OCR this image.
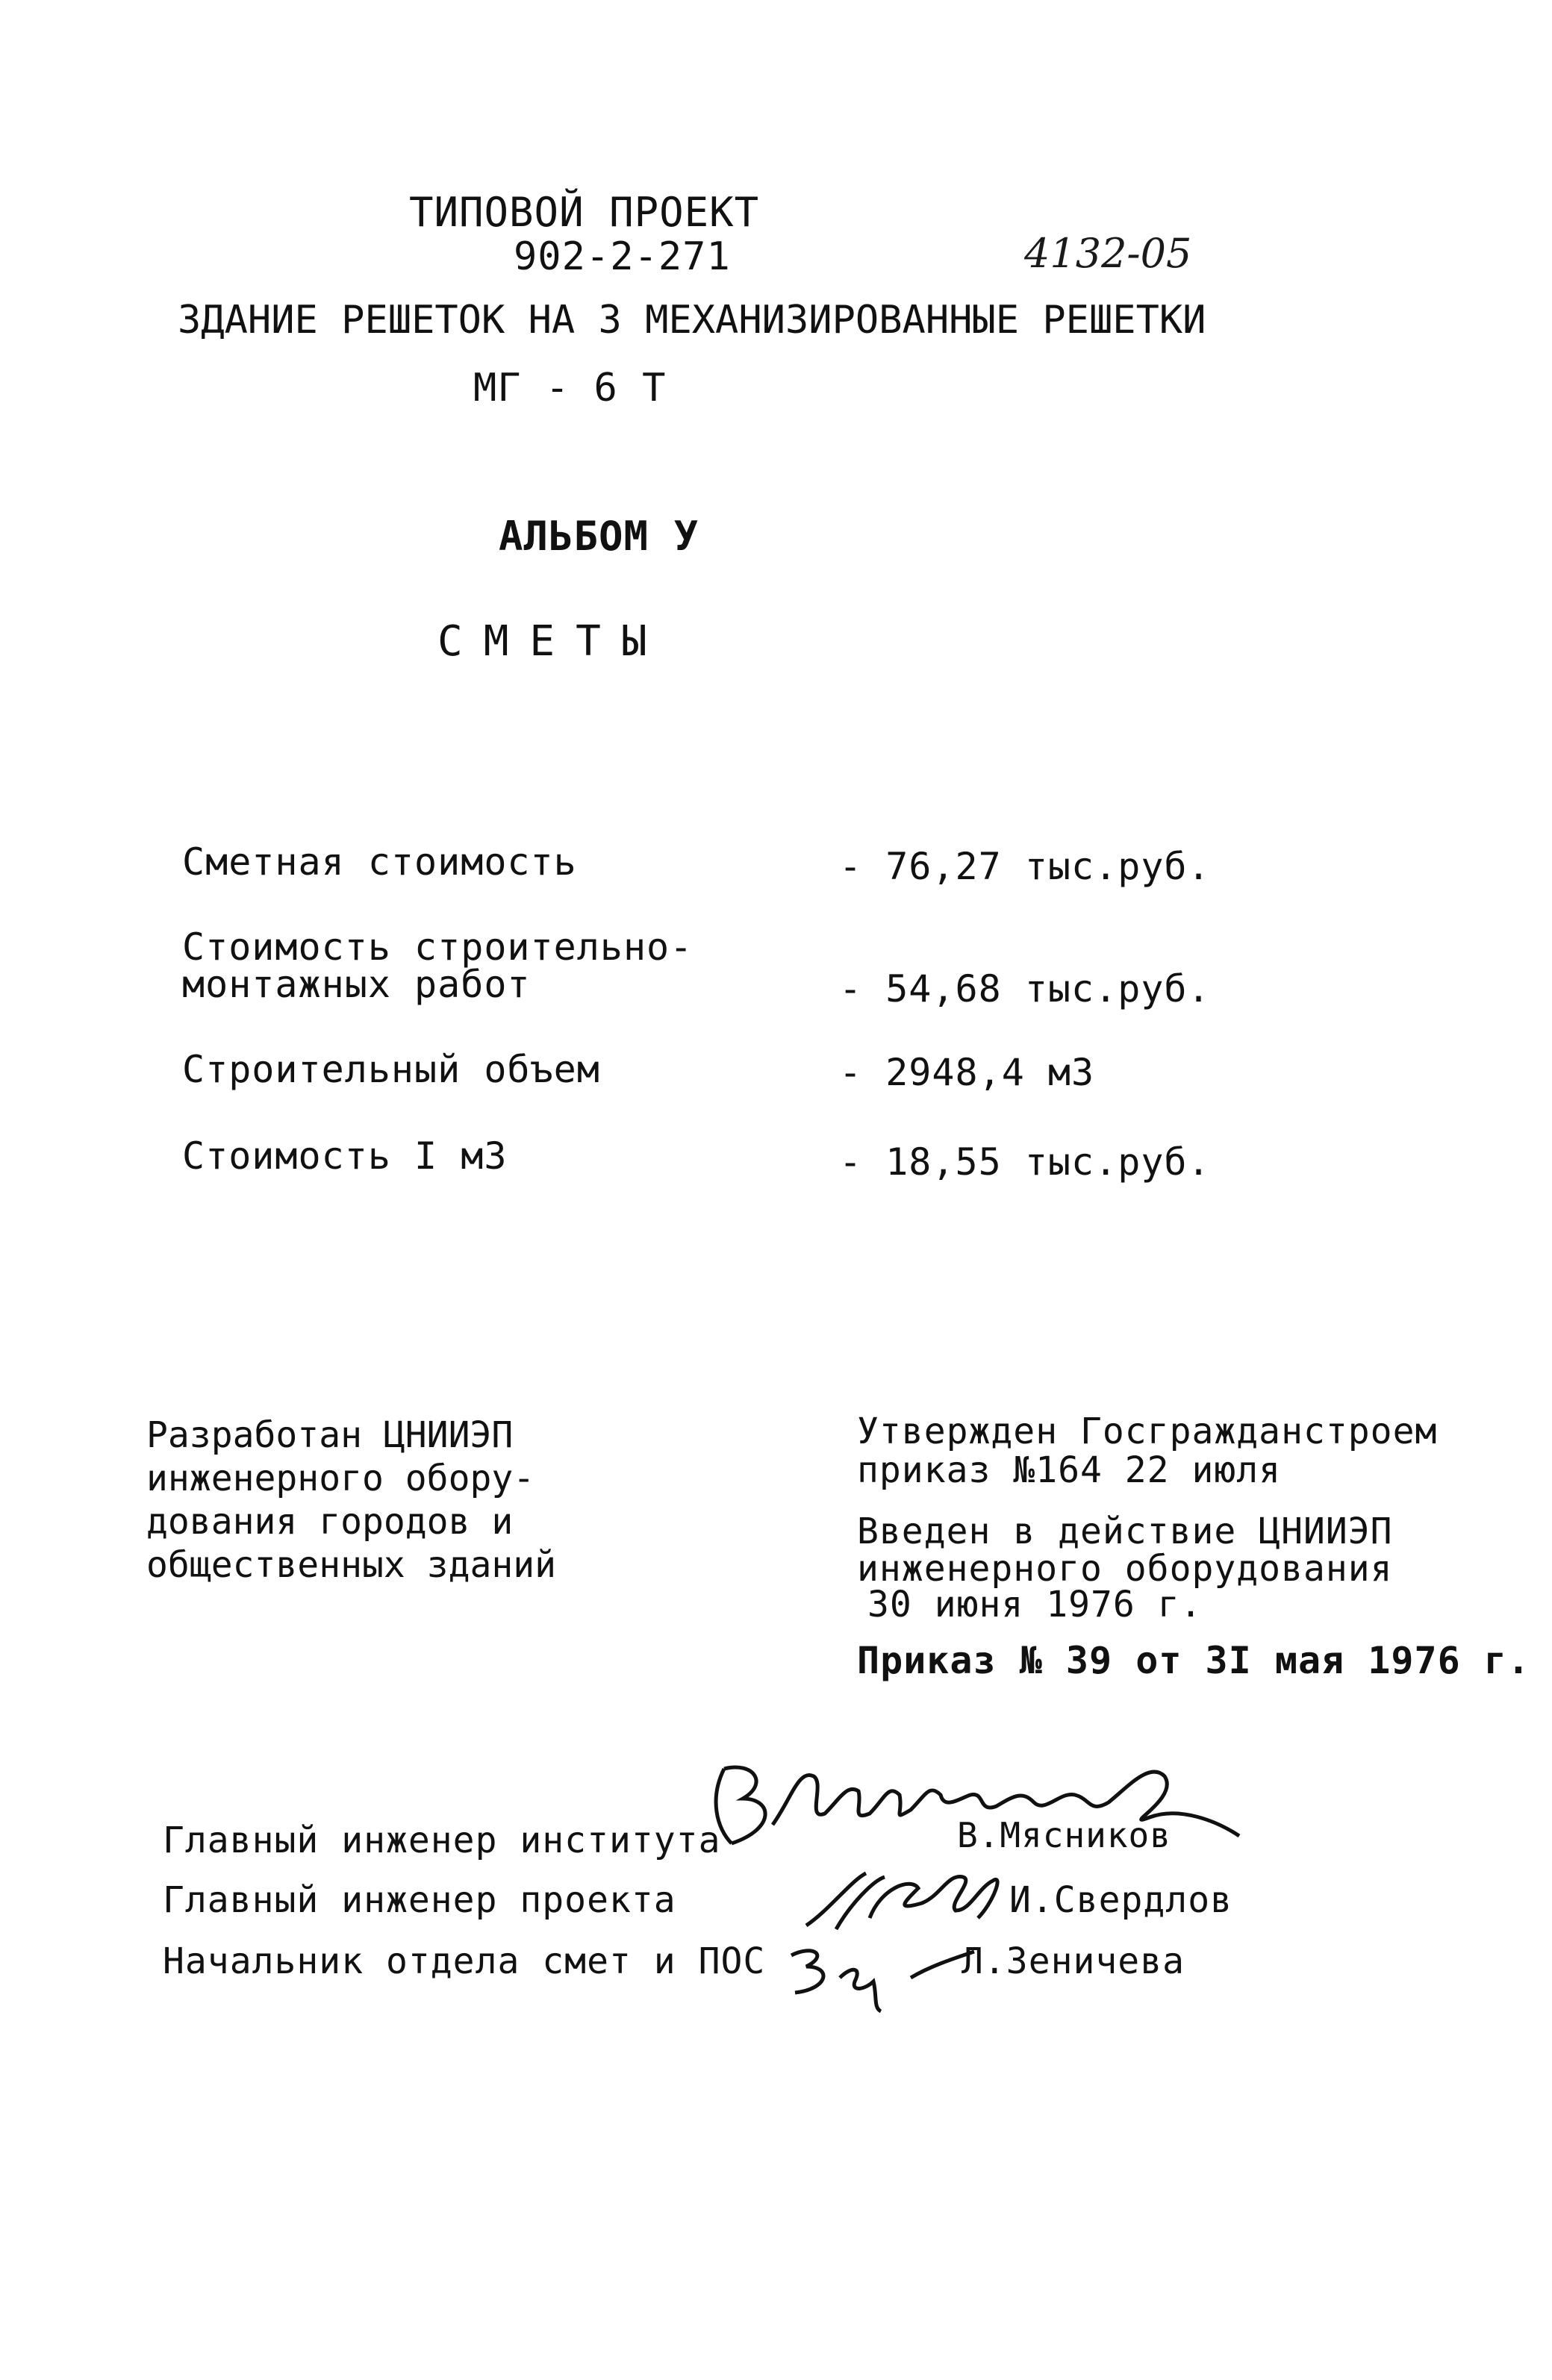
ТИПОВОЙ ПРОЕКТ
902-2-271	4132-05
ЗДАНИЕ РЕШЕТОК НА 3 МЕХАНИЗИРОВАННЫЕ РЕШЕТКИ
МГ - 6 Т
АЛЬБОМ У
СМЕТЫ
Сметная стоимость	- 76,27 тыс.руб.
Стоимость строительно-
монтажных работ	- 54,68 тыс.руб.
Строительный объем	- 2948,4 м3
Стоимость I м3	- 18,55 тыс.руб.
Разработан ЦНИИЭП
инженерного обору-
дования городов и
общественных зданий
Утвержден Госгражданстроем
приказ №164 22 июля
Введен в действие ЦНИИЭП
инженерного оборудования
30 июня 1976 г.
Приказ № 39 от 3I мая 1976 г.
Главный инженер института	В.Мясников
Главный инженер проекта	И.Свердлов
Начальник отдела смет и ПОС	Л.Зеничева
